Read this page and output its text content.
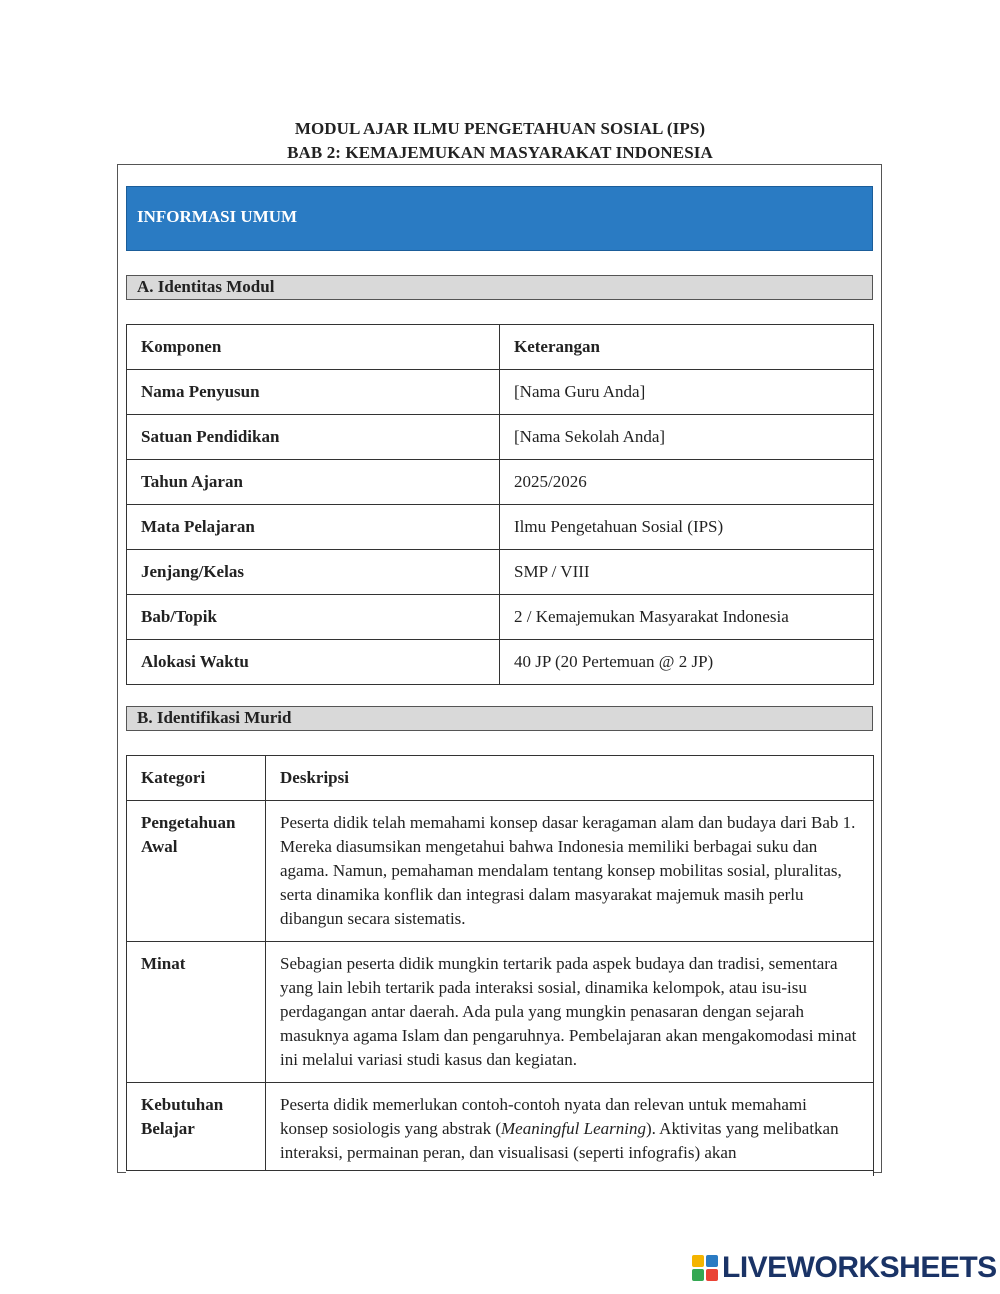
MODUL AJAR ILMU PENGETAHUAN SOSIAL (IPS)
BAB 2: KEMAJEMUKAN MASYARAKAT INDONESIA
INFORMASI UMUM
A. Identitas Modul
Komponen	Keterangan
Nama Penyusun	[Nama Guru Anda]
Satuan Pendidikan	[Nama Sekolah Anda]
Tahun Ajaran	2025/2026
Mata Pelajaran	Ilmu Pengetahuan Sosial (IPS)
Jenjang/Kelas	SMP / VIII
Bab/Topik	2 / Kemajemukan Masyarakat Indonesia
Alokasi Waktu	40 JP (20 Pertemuan @ 2 JP)
B. Identifikasi Murid
Kategori	Deskripsi
Pengetahuan Awal	Peserta didik telah memahami konsep dasar keragaman alam dan budaya dari Bab 1. Mereka diasumsikan mengetahui bahwa Indonesia memiliki berbagai suku dan agama. Namun, pemahaman mendalam tentang konsep mobilitas sosial, pluralitas, serta dinamika konflik dan integrasi dalam masyarakat majemuk masih perlu dibangun secara sistematis.
Minat	Sebagian peserta didik mungkin tertarik pada aspek budaya dan tradisi, sementara yang lain lebih tertarik pada interaksi sosial, dinamika kelompok, atau isu-isu perdagangan antar daerah. Ada pula yang mungkin penasaran dengan sejarah masuknya agama Islam dan pengaruhnya. Pembelajaran akan mengakomodasi minat ini melalui variasi studi kasus dan kegiatan.
Kebutuhan Belajar	Peserta didik memerlukan contoh-contoh nyata dan relevan untuk memahami konsep sosiologis yang abstrak (Meaningful Learning). Aktivitas yang melibatkan interaksi, permainan peran, dan visualisasi (seperti infografis) akan
LIVEWORKSHEETS
